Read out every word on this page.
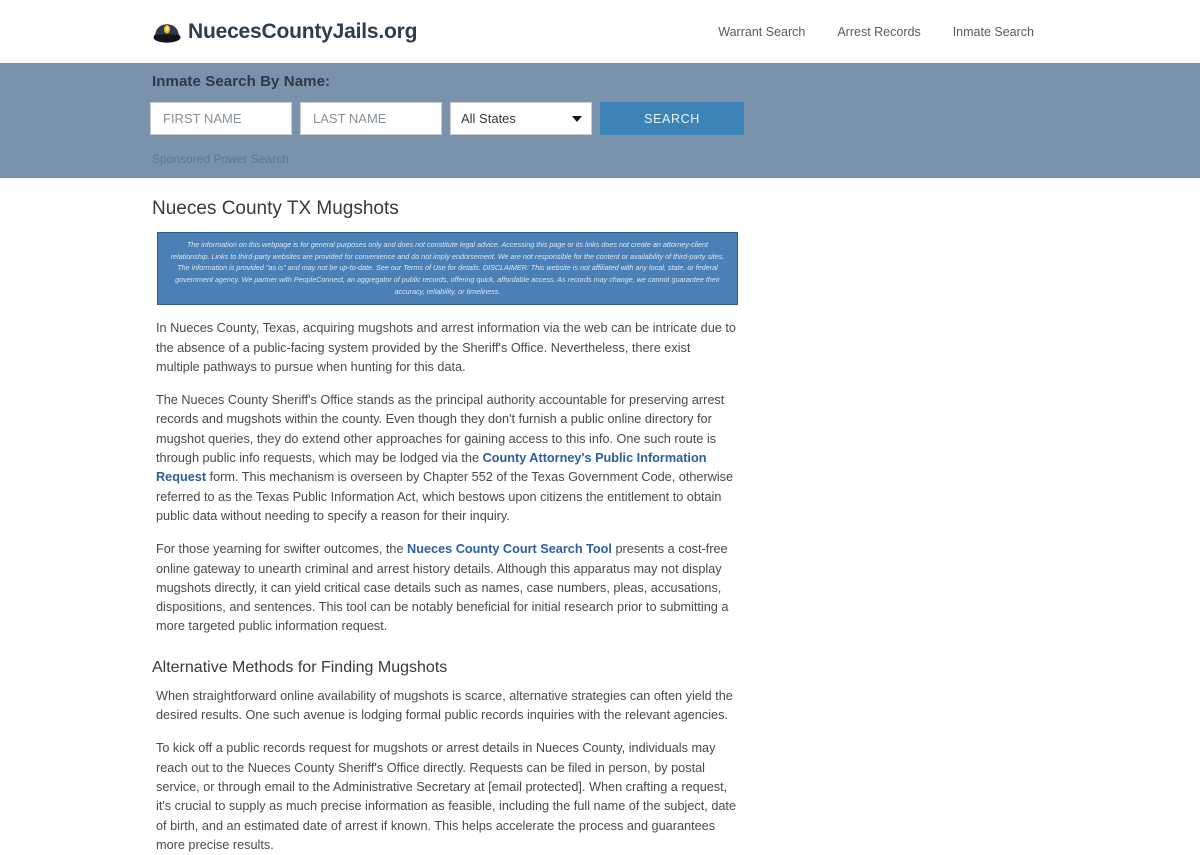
NuecesCountyJails.org	Warrant Search	Arrest Records	Inmate Search
Inmate Search By Name:
FIRST NAME
LAST NAME
All States
SEARCH
Sponsored Power Search.
Nueces County TX Mugshots
The information on this webpage is for general purposes only and does not constitute legal advice. Accessing this page or its links does not create an attorney-client relationship. Links to third-party websites are provided for convenience and do not imply endorsement. We are not responsible for the content or availability of third-party sites. The information is provided "as is" and may not be up-to-date. See our Terms of Use for details. DISCLAIMER: This website is not affiliated with any local, state, or federal government agency. We partner with PeopleConnect, an aggregator of public records, offering quick, affordable access. As records may change, we cannot guarantee their accuracy, reliability, or timeliness.

In Nueces County, Texas, acquiring mugshots and arrest information via the web can be intricate due to the absence of a public-facing system provided by the Sheriff's Office. Nevertheless, there exist multiple pathways to pursue when hunting for this data.

The Nueces County Sheriff's Office stands as the principal authority accountable for preserving arrest records and mugshots within the county. Even though they don't furnish a public online directory for mugshot queries, they do extend other approaches for gaining access to this info. One such route is through public info requests, which may be lodged via the County Attorney's Public Information Request form. This mechanism is overseen by Chapter 552 of the Texas Government Code, otherwise referred to as the Texas Public Information Act, which bestows upon citizens the entitlement to obtain public data without needing to specify a reason for their inquiry.

For those yearning for swifter outcomes, the Nueces County Court Search Tool presents a cost-free online gateway to unearth criminal and arrest history details. Although this apparatus may not display mugshots directly, it can yield critical case details such as names, case numbers, pleas, accusations, dispositions, and sentences. This tool can be notably beneficial for initial research prior to submitting a more targeted public information request.

Alternative Methods for Finding Mugshots

When straightforward online availability of mugshots is scarce, alternative strategies can often yield the desired results. One such avenue is lodging formal public records inquiries with the relevant agencies.

To kick off a public records request for mugshots or arrest details in Nueces County, individuals may reach out to the Nueces County Sheriff's Office directly. Requests can be filed in person, by postal service, or through email to the Administrative Secretary at [email protected]. When crafting a request, it's crucial to supply as much precise information as feasible, including the full name of the subject, date of birth, and an estimated date of arrest if known. This helps accelerate the process and guarantees more precise results.
